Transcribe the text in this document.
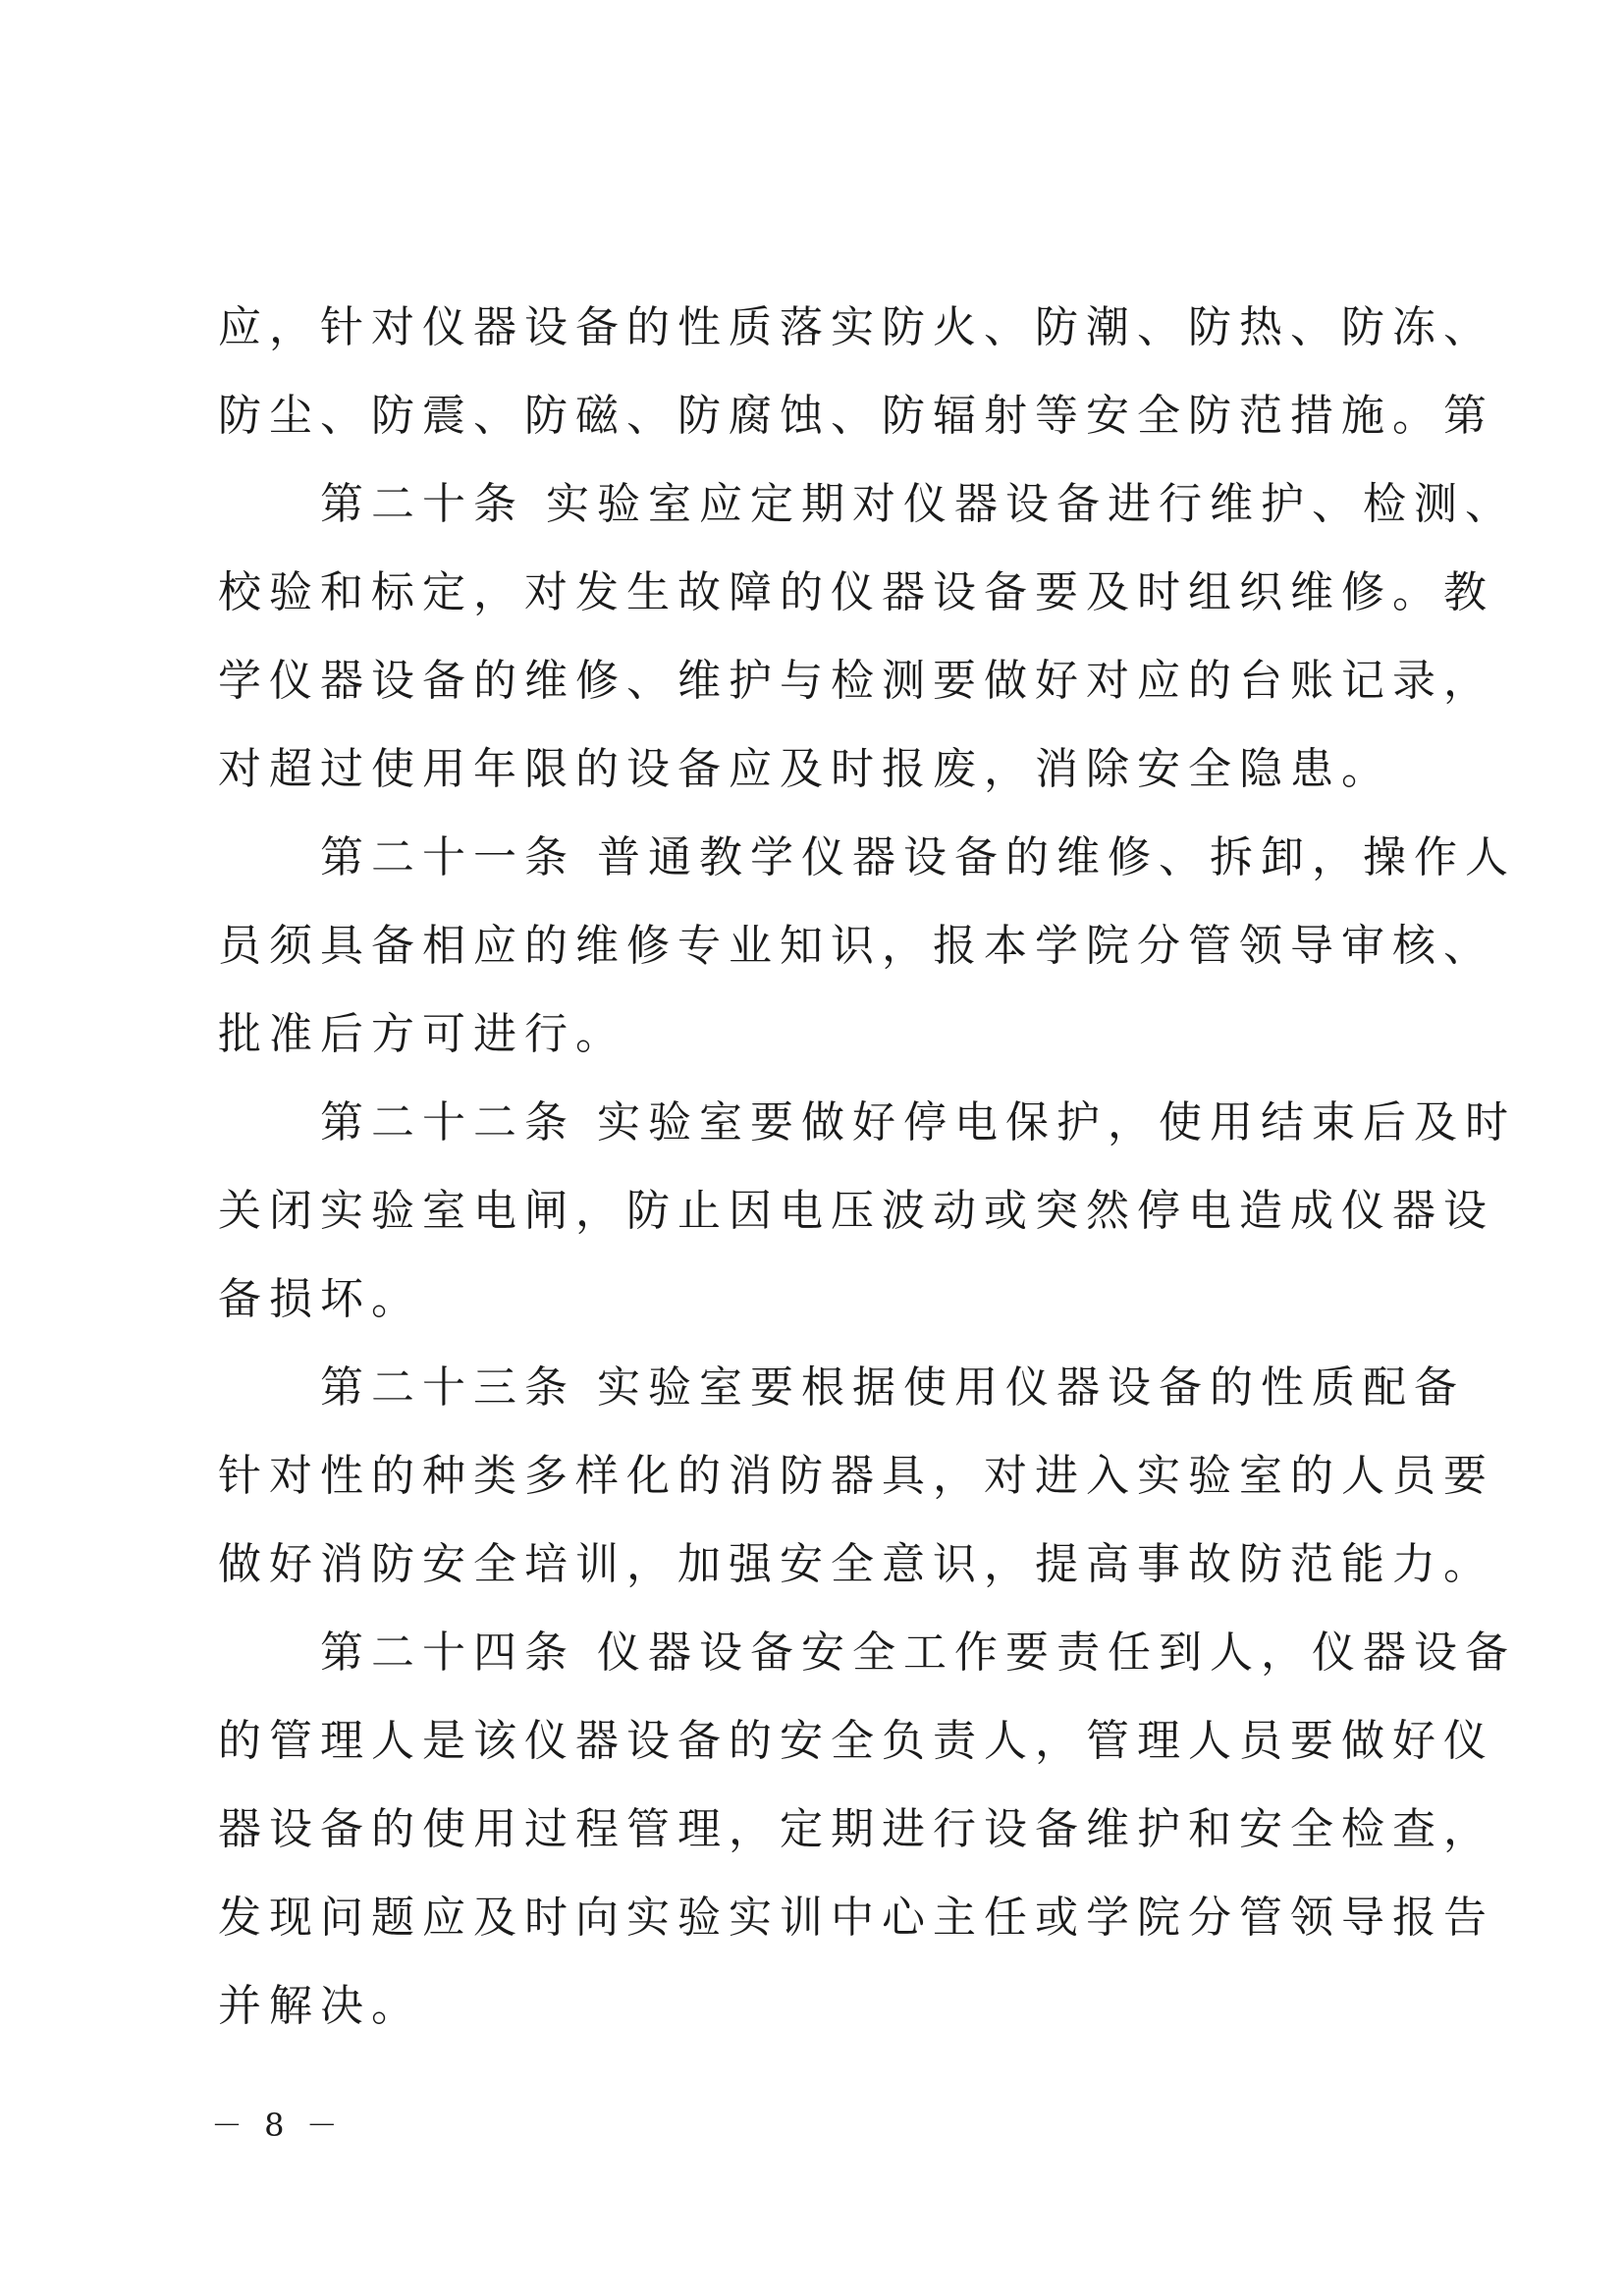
应，针对仪器设备的性质落实防火、防潮、防热、防冻、
防尘、防震、防磁、防腐蚀、防辐射等安全防范措施。第

　　第二十条 实验室应定期对仪器设备进行维护、检测、
校验和标定，对发生故障的仪器设备要及时组织维修。教
学仪器设备的维修、维护与检测要做好对应的台账记录，
对超过使用年限的设备应及时报废，消除安全隐患。

　　第二十一条 普通教学仪器设备的维修、拆卸，操作人
员须具备相应的维修专业知识，报本学院分管领导审核、
批准后方可进行。

　　第二十二条 实验室要做好停电保护，使用结束后及时
关闭实验室电闸，防止因电压波动或突然停电造成仪器设
备损坏。

　　第二十三条 实验室要根据使用仪器设备的性质配备
针对性的种类多样化的消防器具，对进入实验室的人员要
做好消防安全培训，加强安全意识，提高事故防范能力。

　　第二十四条 仪器设备安全工作要责任到人，仪器设备
的管理人是该仪器设备的安全负责人，管理人员要做好仪
器设备的使用过程管理，定期进行设备维护和安全检查，
发现问题应及时向实验实训中心主任或学院分管领导报告
并解决。

－ 8 －
